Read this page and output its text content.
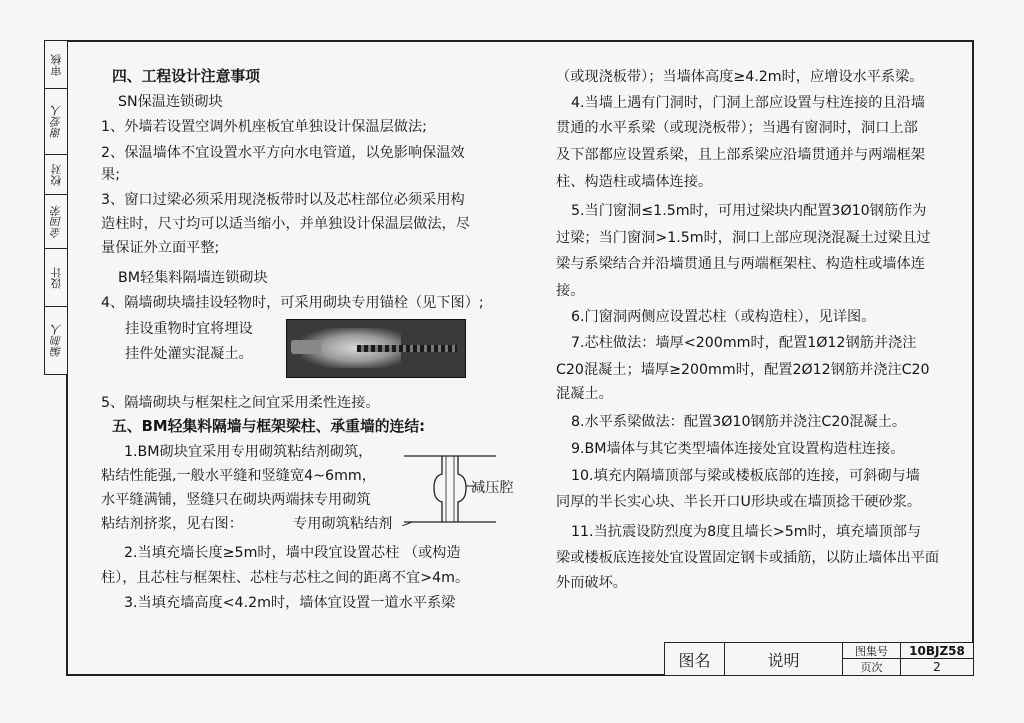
审核
谢爱人
校对
金国荣
设计
编制人
四、工程设计注意事项
SN保温连锁砌块
1、外墙若设置空调外机座板宜单独设计保温层做法;
2、保温墙体不宜设置水平方向水电管道，以免影响保温效
果;
3、窗口过梁必须采用现浇板带时以及芯柱部位必须采用构
造柱时，尺寸均可以适当缩小，并单独设计保温层做法，尽
量保证外立面平整;
BM轻集料隔墙连锁砌块
4、隔墙砌块墙挂设轻物时，可采用砌块专用锚栓（见下图）;
挂设重物时宜将埋设
挂件处灌实混凝土。
5、隔墙砌块与框架柱之间宜采用柔性连接。
五、BM轻集料隔墙与框架梁柱、承重墙的连结:
1.BM砌块宜采用专用砌筑粘结剂砌筑，
粘结性能强,一般水平缝和竖缝宽4~6mm，
水平缝满铺，竖缝只在砌块两端抹专用砌筑
粘结剂挤浆，见右图：	专用砌筑粘结剂
2.当填充墙长度≥5m时，墙中段宜设置芯柱 （或构造
柱），且芯柱与框架柱、芯柱与芯柱之间的距离不宜>4m。
3.当填充墙高度<4.2m时，墙体宜设置一道水平系梁
减压腔
（或现浇板带）；当墙体高度≥4.2m时，应增设水平系梁。
4.当墙上遇有门洞时，门洞上部应设置与柱连接的且沿墙
贯通的水平系梁（或现浇板带）；当遇有窗洞时，洞口上部
及下部都应设置系梁，且上部系梁应沿墙贯通并与两端框架
柱、构造柱或墙体连接。
5.当门窗洞≤1.5m时，可用过梁块内配置3Ø10钢筋作为
过梁；当门窗洞>1.5m时，洞口上部应现浇混凝土过梁且过
梁与系梁结合并沿墙贯通且与两端框架柱、构造柱或墙体连
接。
6.门窗洞两侧应设置芯柱（或构造柱），见详图。
7.芯柱做法：墙厚<200mm时，配置1Ø12钢筋并浇注
C20混凝土；墙厚≥200mm时，配置2Ø12钢筋并浇注C20
混凝土。
8.水平系梁做法：配置3Ø10钢筋并浇注C20混凝土。
9.BM墙体与其它类型墙体连接处宜设置构造柱连接。
10.填充内隔墙顶部与梁或楼板底部的连接，可斜砌与墙
同厚的半长实心块、半长开口U形块或在墙顶捻干硬砂浆。
11.当抗震设防烈度为8度且墙长>5m时，填充墙顶部与
梁或楼板底连接处宜设置固定钢卡或插筋，以防止墙体出平面
外而破坏。
图名	说明	图集号	10BJZ58
页次	2
